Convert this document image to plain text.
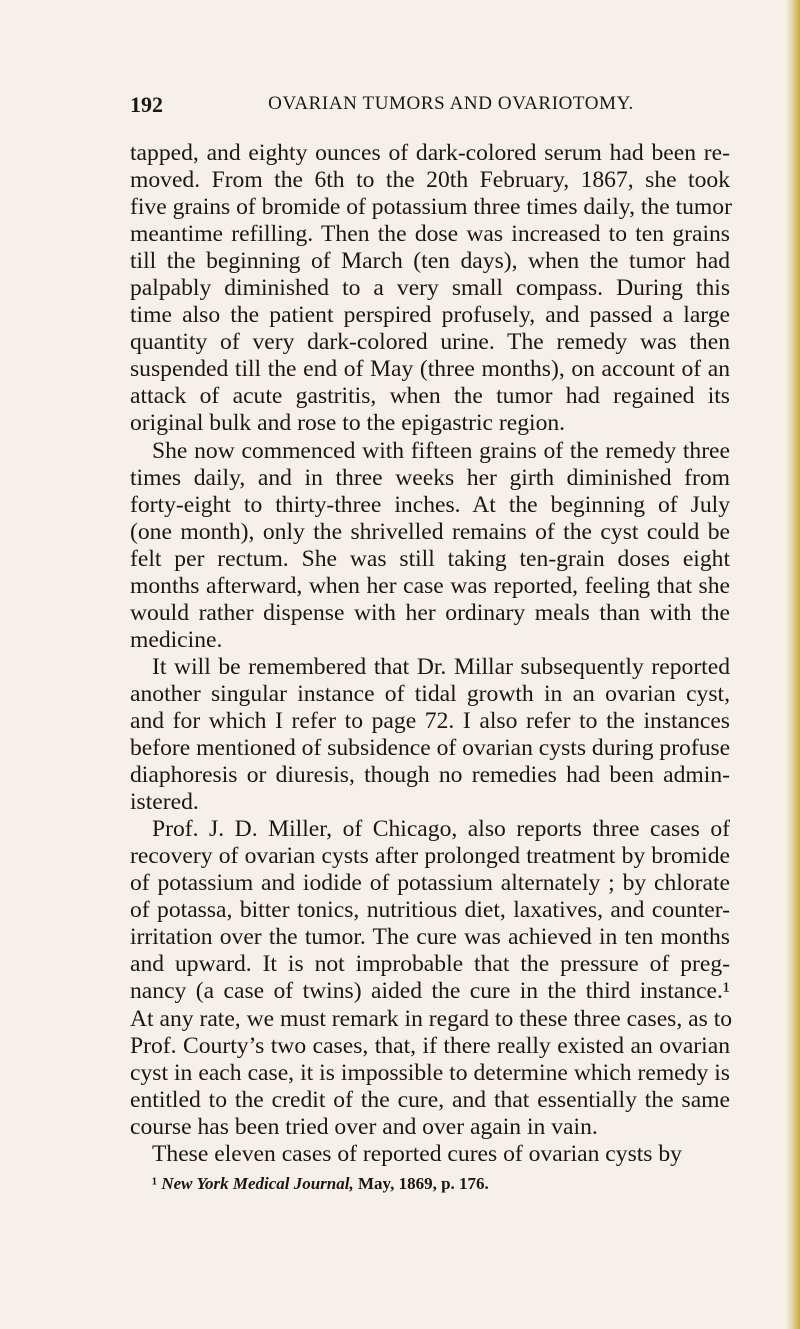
192	OVARIAN TUMORS AND OVARIOTOMY.
tapped, and eighty ounces of dark-colored serum had been re-
moved. From the 6th to the 20th February, 1867, she took
five grains of bromide of potassium three times daily, the tumor
meantime refilling. Then the dose was increased to ten grains
till the beginning of March (ten days), when the tumor had
palpably diminished to a very small compass. During this
time also the patient perspired profusely, and passed a large
quantity of very dark-colored urine. The remedy was then
suspended till the end of May (three months), on account of an
attack of acute gastritis, when the tumor had regained its
original bulk and rose to the epigastric region.
She now commenced with fifteen grains of the remedy three
times daily, and in three weeks her girth diminished from
forty-eight to thirty-three inches. At the beginning of July
(one month), only the shrivelled remains of the cyst could be
felt per rectum. She was still taking ten-grain doses eight
months afterward, when her case was reported, feeling that she
would rather dispense with her ordinary meals than with the
medicine.
It will be remembered that Dr. Millar subsequently reported
another singular instance of tidal growth in an ovarian cyst,
and for which I refer to page 72. I also refer to the instances
before mentioned of subsidence of ovarian cysts during profuse
diaphoresis or diuresis, though no remedies had been admin-
istered.
Prof. J. D. Miller, of Chicago, also reports three cases of
recovery of ovarian cysts after prolonged treatment by bromide
of potassium and iodide of potassium alternately ; by chlorate
of potassa, bitter tonics, nutritious diet, laxatives, and counter-
irritation over the tumor. The cure was achieved in ten months
and upward. It is not improbable that the pressure of preg-
nancy (a case of twins) aided the cure in the third instance.¹
At any rate, we must remark in regard to these three cases, as to
Prof. Courty’s two cases, that, if there really existed an ovarian
cyst in each case, it is impossible to determine which remedy is
entitled to the credit of the cure, and that essentially the same
course has been tried over and over again in vain.
These eleven cases of reported cures of ovarian cysts by
¹ New York Medical Journal, May, 1869, p. 176.
